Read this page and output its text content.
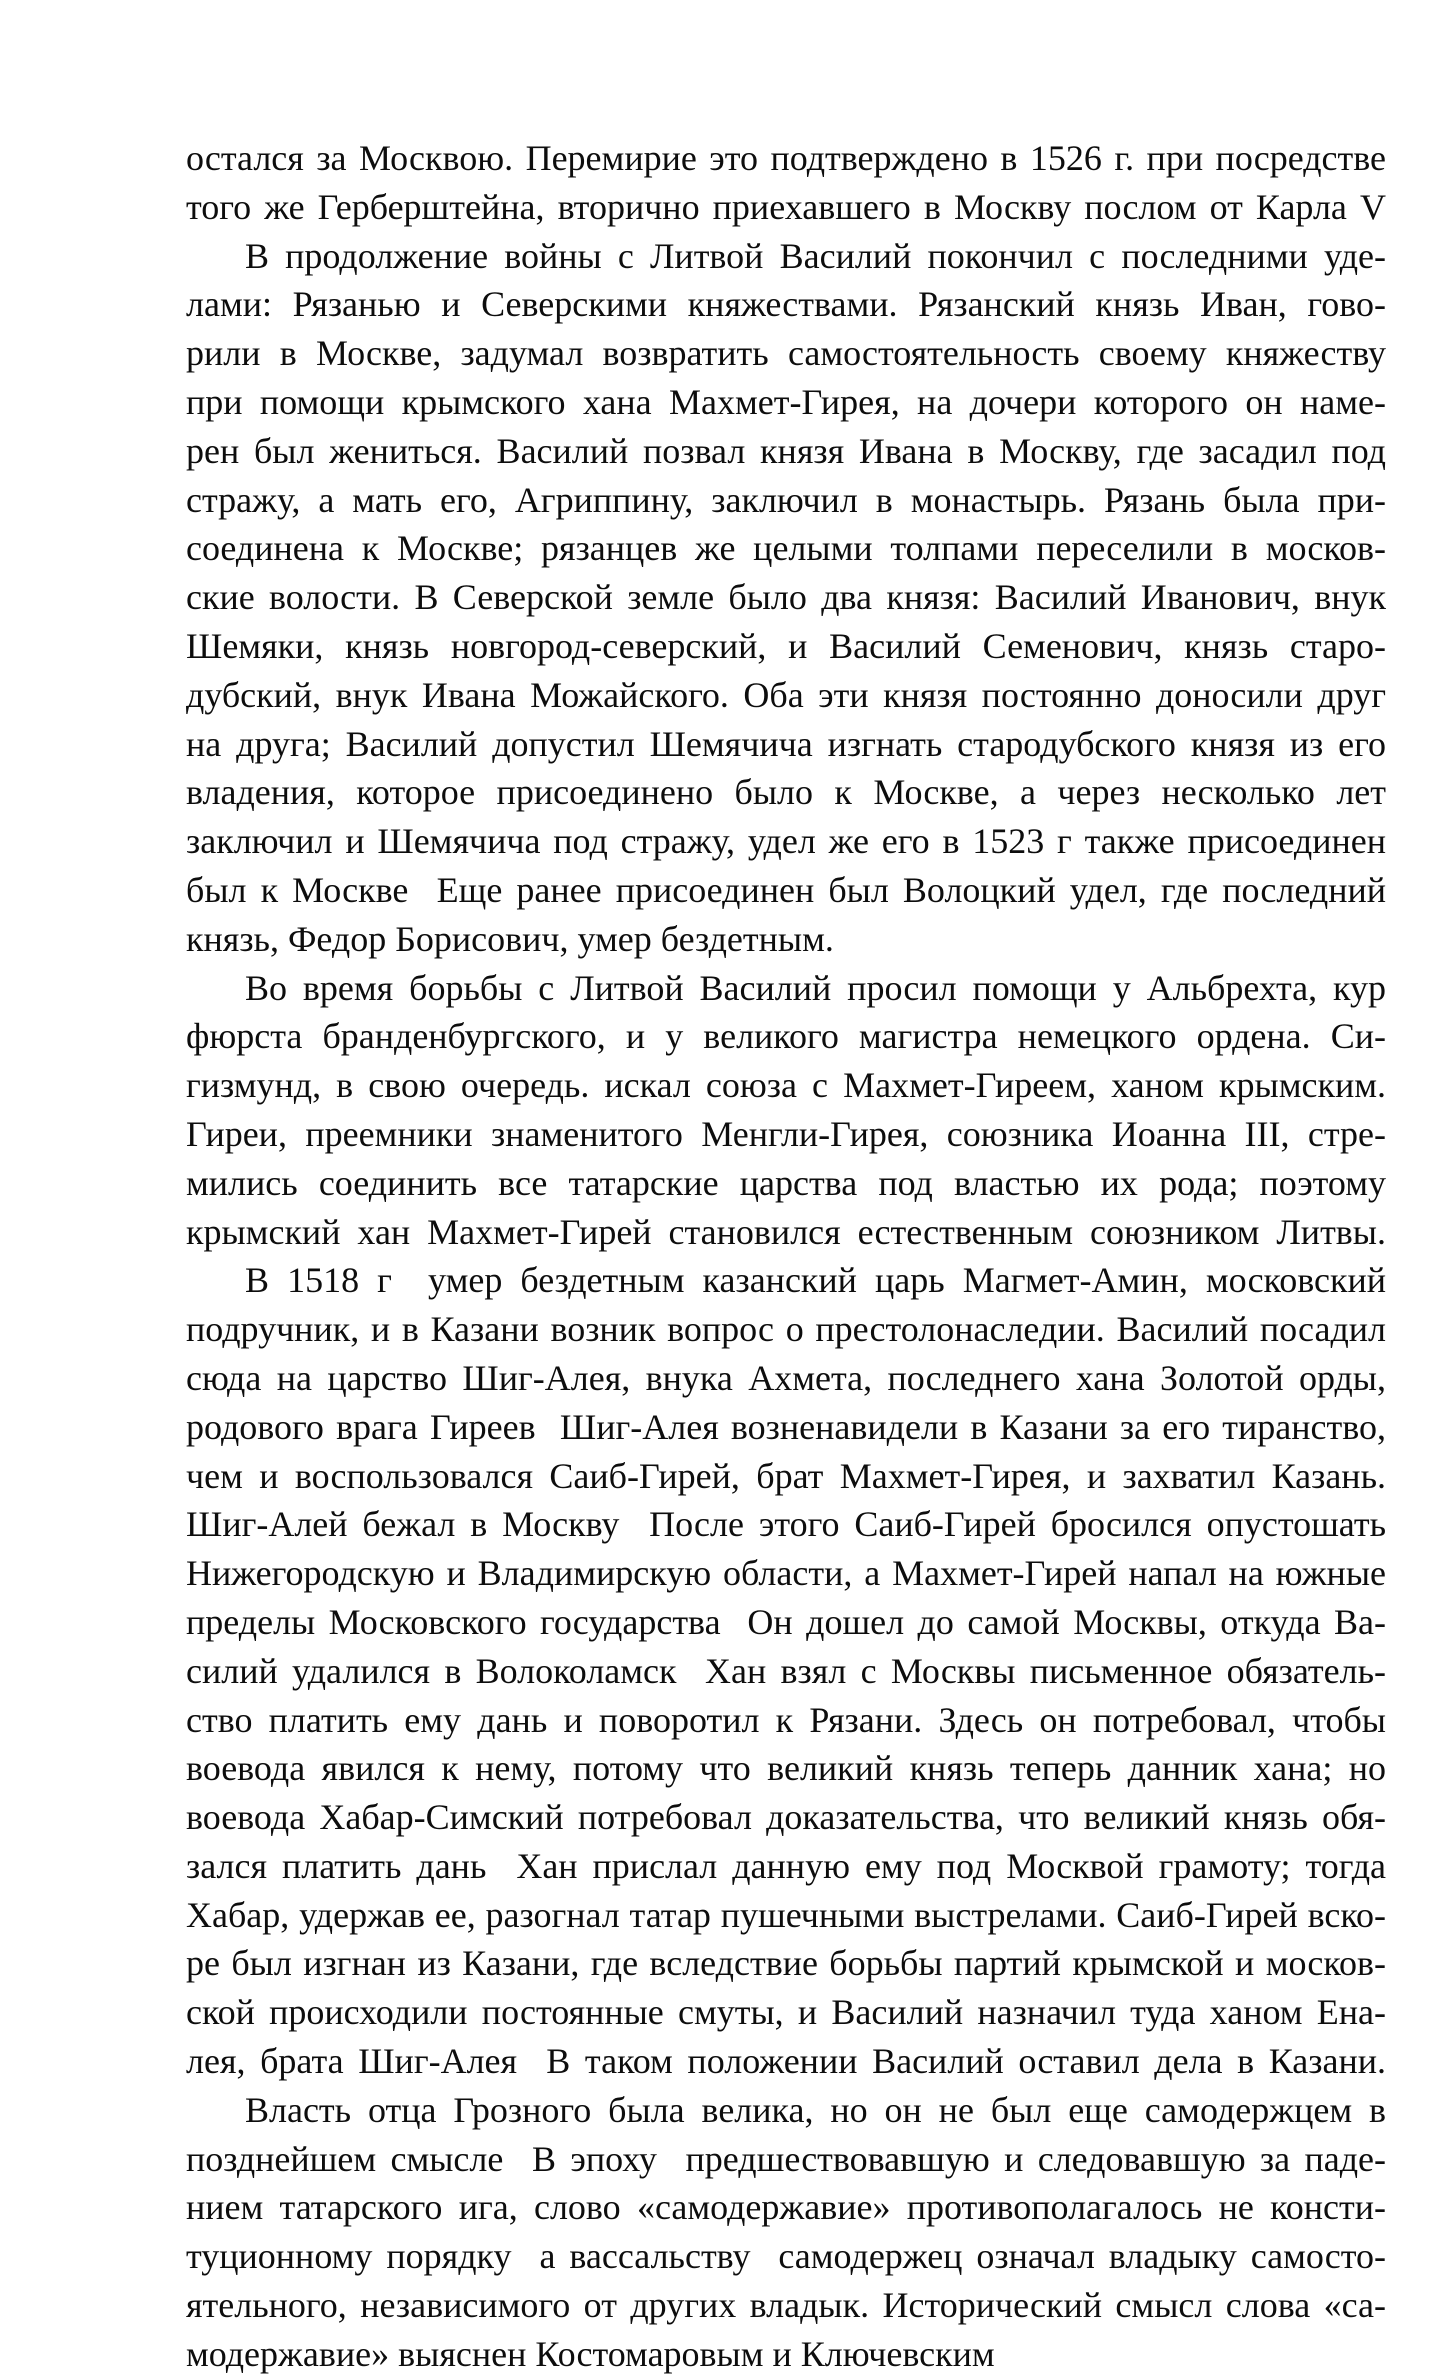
остался за Москвою. Перемирие это подтверждено в 1526 г. при посредстве
того же Герберштейна, вторично приехавшего в Москву послом от Карла V
В продолжение войны с Литвой Василий покончил с последними уде-
лами: Рязанью и Северскими княжествами. Рязанский князь Иван, гово-
рили в Москве, задумал возвратить самостоятельность своему княжеству
при помощи крымского хана Махмет-Гирея, на дочери которого он наме-
рен был жениться. Василий позвал князя Ивана в Москву, где засадил под
стражу, а мать его, Агриппину, заключил в монастырь. Рязань была при-
соединена к Москве; рязанцев же целыми толпами переселили в москов-
ские волости. В Северской земле было два князя: Василий Иванович, внук
Шемяки, князь новгород-северский, и Василий Семенович, князь старо-
дубский, внук Ивана Можайского. Оба эти князя постоянно доносили друг
на друга; Василий допустил Шемячича изгнать стародубского князя из его
владения, которое присоединено было к Москве, а через несколько лет
заключил и Шемячича под стражу, удел же его в 1523 г также присоединен
был к Москве  Еще ранее присоединен был Волоцкий удел, где последний
князь, Федор Борисович, умер бездетным.
Во время борьбы с Литвой Василий просил помощи у Альбрехта, кур
фюрста бранденбургского, и у великого магистра немецкого ордена. Си-
гизмунд, в свою очередь. искал союза с Махмет-Гиреем, ханом крымским.
Гиреи, преемники знаменитого Менгли-Гирея, союзника Иоанна III, стре-
мились соединить все татарские царства под властью их рода; поэтому
крымский хан Махмет-Гирей становился естественным союзником Литвы.
В 1518 г  умер бездетным казанский царь Магмет-Амин, московский
подручник, и в Казани возник вопрос о престолонаследии. Василий посадил
сюда на царство Шиг-Алея, внука Ахмета, последнего хана Золотой орды,
родового врага Гиреев  Шиг-Алея возненавидели в Казани за его тиранство,
чем и воспользовался Саиб-Гирей, брат Махмет-Гирея, и захватил Казань.
Шиг-Алей бежал в Москву  После этого Саиб-Гирей бросился опустошать
Нижегородскую и Владимирскую области, а Махмет-Гирей напал на южные
пределы Московского государства  Он дошел до самой Москвы, откуда Ва-
силий удалился в Волоколамск  Хан взял с Москвы письменное обязатель-
ство платить ему дань и поворотил к Рязани. Здесь он потребовал, чтобы
воевода явился к нему, потому что великий князь теперь данник хана; но
воевода Хабар-Симский потребовал доказательства, что великий князь обя-
зался платить дань  Хан прислал данную ему под Москвой грамоту; тогда
Хабар, удержав ее, разогнал татар пушечными выстрелами. Саиб-Гирей вско-
ре был изгнан из Казани, где вследствие борьбы партий крымской и москов-
ской происходили постоянные смуты, и Василий назначил туда ханом Ена-
лея, брата Шиг-Алея  В таком положении Василий оставил дела в Казани.
Власть отца Грозного была велика, но он не был еще самодержцем в
позднейшем смысле  В эпоху  предшествовавшую и следовавшую за паде-
нием татарского ига, слово «самодержавие» противополагалось не консти-
туционному порядку  а вассальству  самодержец означал владыку самосто-
ятельного, независимого от других владык. Исторический смысл слова «са-
модержавие» выяснен Костомаровым и Ключевским
